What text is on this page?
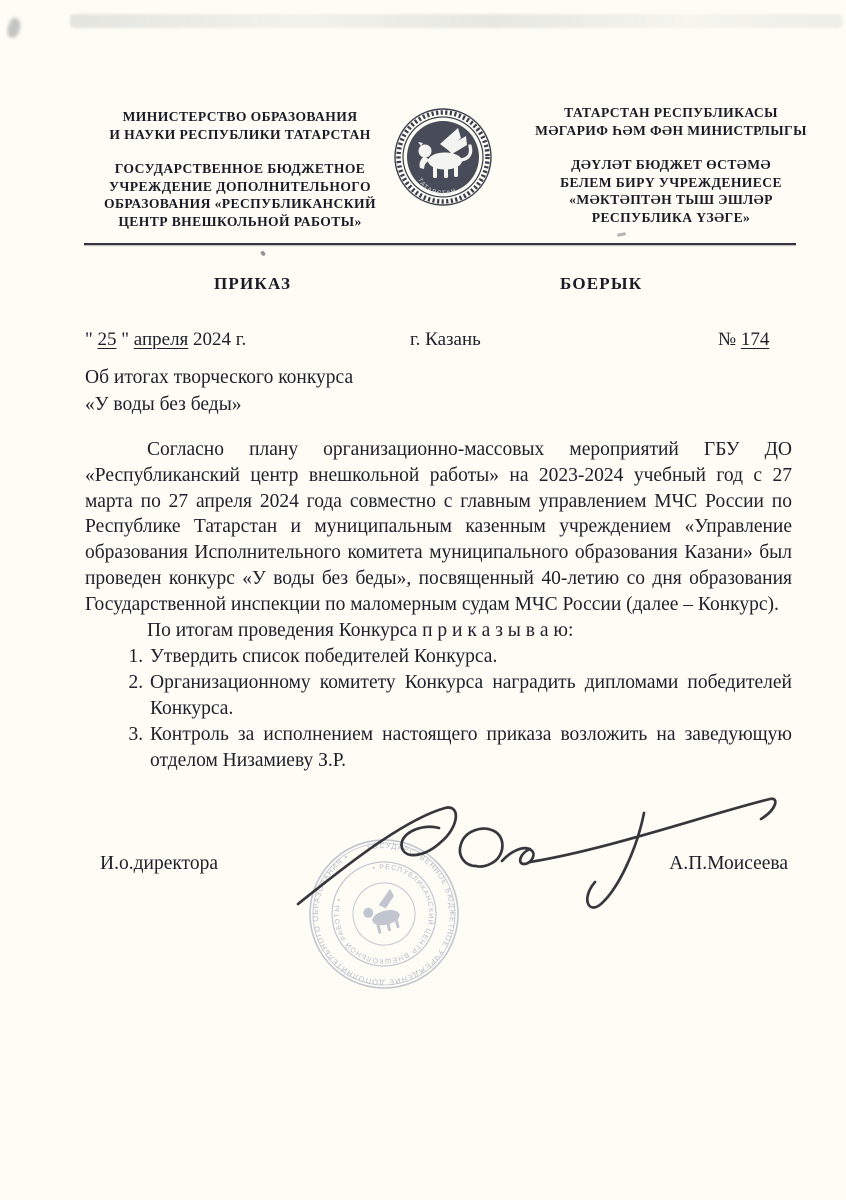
МИНИСТЕРСТВО ОБРАЗОВАНИЯ
И НАУКИ РЕСПУБЛИКИ ТАТАРСТАН
ГОСУДАРСТВЕННОЕ БЮДЖЕТНОЕ
УЧРЕЖДЕНИЕ ДОПОЛНИТЕЛЬНОГО
ОБРАЗОВАНИЯ «РЕСПУБЛИКАНСКИЙ
ЦЕНТР ВНЕШКОЛЬНОЙ РАБОТЫ»
ТАТАРСТАН
ТАТАРСТАН РЕСПУБЛИКАСЫ
МӘГАРИФ ҺӘМ ФӘН МИНИСТРЛЫГЫ
ДӘҮЛӘТ БЮДЖЕТ ӨСТӘМӘ
БЕЛЕМ БИРҮ УЧРЕЖДЕНИЕСЕ
«МӘКТӘПТӘН ТЫШ ЭШЛӘР
РЕСПУБЛИКА ҮЗӘГЕ»
ПРИКАЗ	БОЕРЫК
" 25 " апреля 2024 г.	г. Казань	№ 174
Об итогах творческого конкурса
«У воды без беды»

Согласно плану организационно-массовых мероприятий ГБУ ДО «Республиканский центр внешкольной работы» на 2023-2024 учебный год с 27 марта по 27 апреля 2024 года совместно с главным управлением МЧС России по Республике Татарстан и муниципальным казенным учреждением «Управление образования Исполнительного комитета муниципального образования Казани» был проведен конкурс «У воды без беды», посвященный 40-летию со дня образования Государственной инспекции по маломерным судам МЧС России (далее – Конкурс).

По итогам проведения Конкурса п р и к а з ы в а ю:

1. Утвердить список победителей Конкурса.
2. Организационному комитету Конкурса наградить дипломами победителей Конкурса.
3. Контроль за исполнением настоящего приказа возложить на заведующую отделом Низамиеву З.Р.
ГОСУДАРСТВЕННОЕ БЮДЖЕТНОЕ УЧРЕЖДЕНИЕ ДОПОЛНИТЕЛЬНОГО ОБРАЗОВАНИЯ •
• РЕСПУБЛИКАНСКИЙ ЦЕНТР ВНЕШКОЛЬНОЙ РАБОТЫ •
И.о.директора	А.П.Моисеева
